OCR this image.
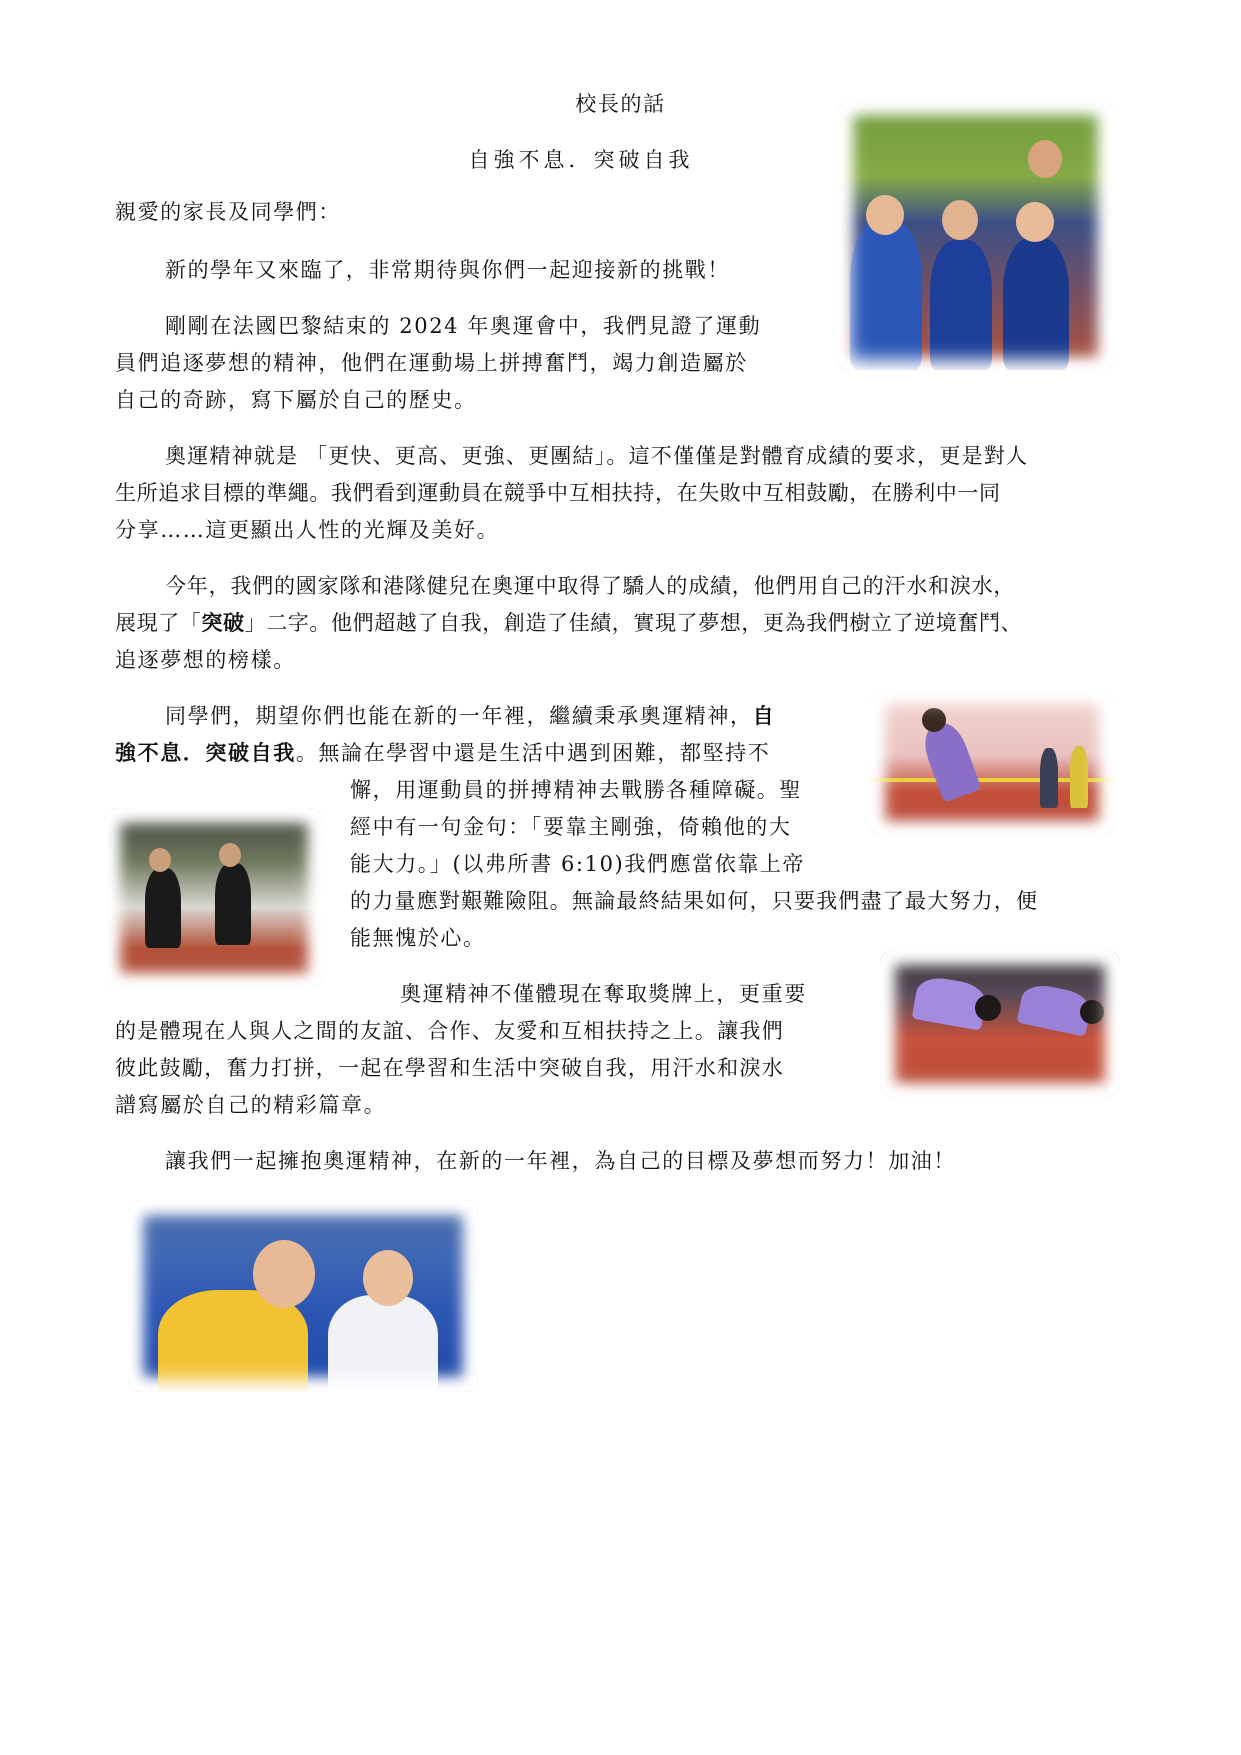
校長的話
自強不息．突破自我
親愛的家長及同學們：
新的學年又來臨了，非常期待與你們一起迎接新的挑戰！
剛剛在法國巴黎結束的 2024 年奧運會中，我們見證了運動
員們追逐夢想的精神，他們在運動場上拼搏奮鬥，竭力創造屬於
自己的奇跡，寫下屬於自己的歷史。
奧運精神就是 「更快、更高、更強、更團結」。這不僅僅是對體育成績的要求，更是對人
生所追求目標的準繩。我們看到運動員在競爭中互相扶持，在失敗中互相鼓勵，在勝利中一同
分享……這更顯出人性的光輝及美好。
今年，我們的國家隊和港隊健兒在奧運中取得了驕人的成績，他們用自己的汗水和淚水，
展現了「突破」二字。他們超越了自我，創造了佳績，實現了夢想，更為我們樹立了逆境奮鬥、
追逐夢想的榜樣。
同學們，期望你們也能在新的一年裡，繼續秉承奧運精神，自
強不息．突破自我。無論在學習中還是生活中遇到困難，都堅持不
懈，用運動員的拼搏精神去戰勝各種障礙。聖
經中有一句金句：「要靠主剛強，倚賴他的大
能大力。」(以弗所書 6:10)我們應當依靠上帝
的力量應對艱難險阻。無論最終結果如何，只要我們盡了最大努力，便
能無愧於心。
奧運精神不僅體現在奪取獎牌上，更重要
的是體現在人與人之間的友誼、合作、友愛和互相扶持之上。讓我們
彼此鼓勵，奮力打拼，一起在學習和生活中突破自我，用汗水和淚水
譜寫屬於自己的精彩篇章。
讓我們一起擁抱奧運精神，在新的一年裡，為自己的目標及夢想而努力！加油！
